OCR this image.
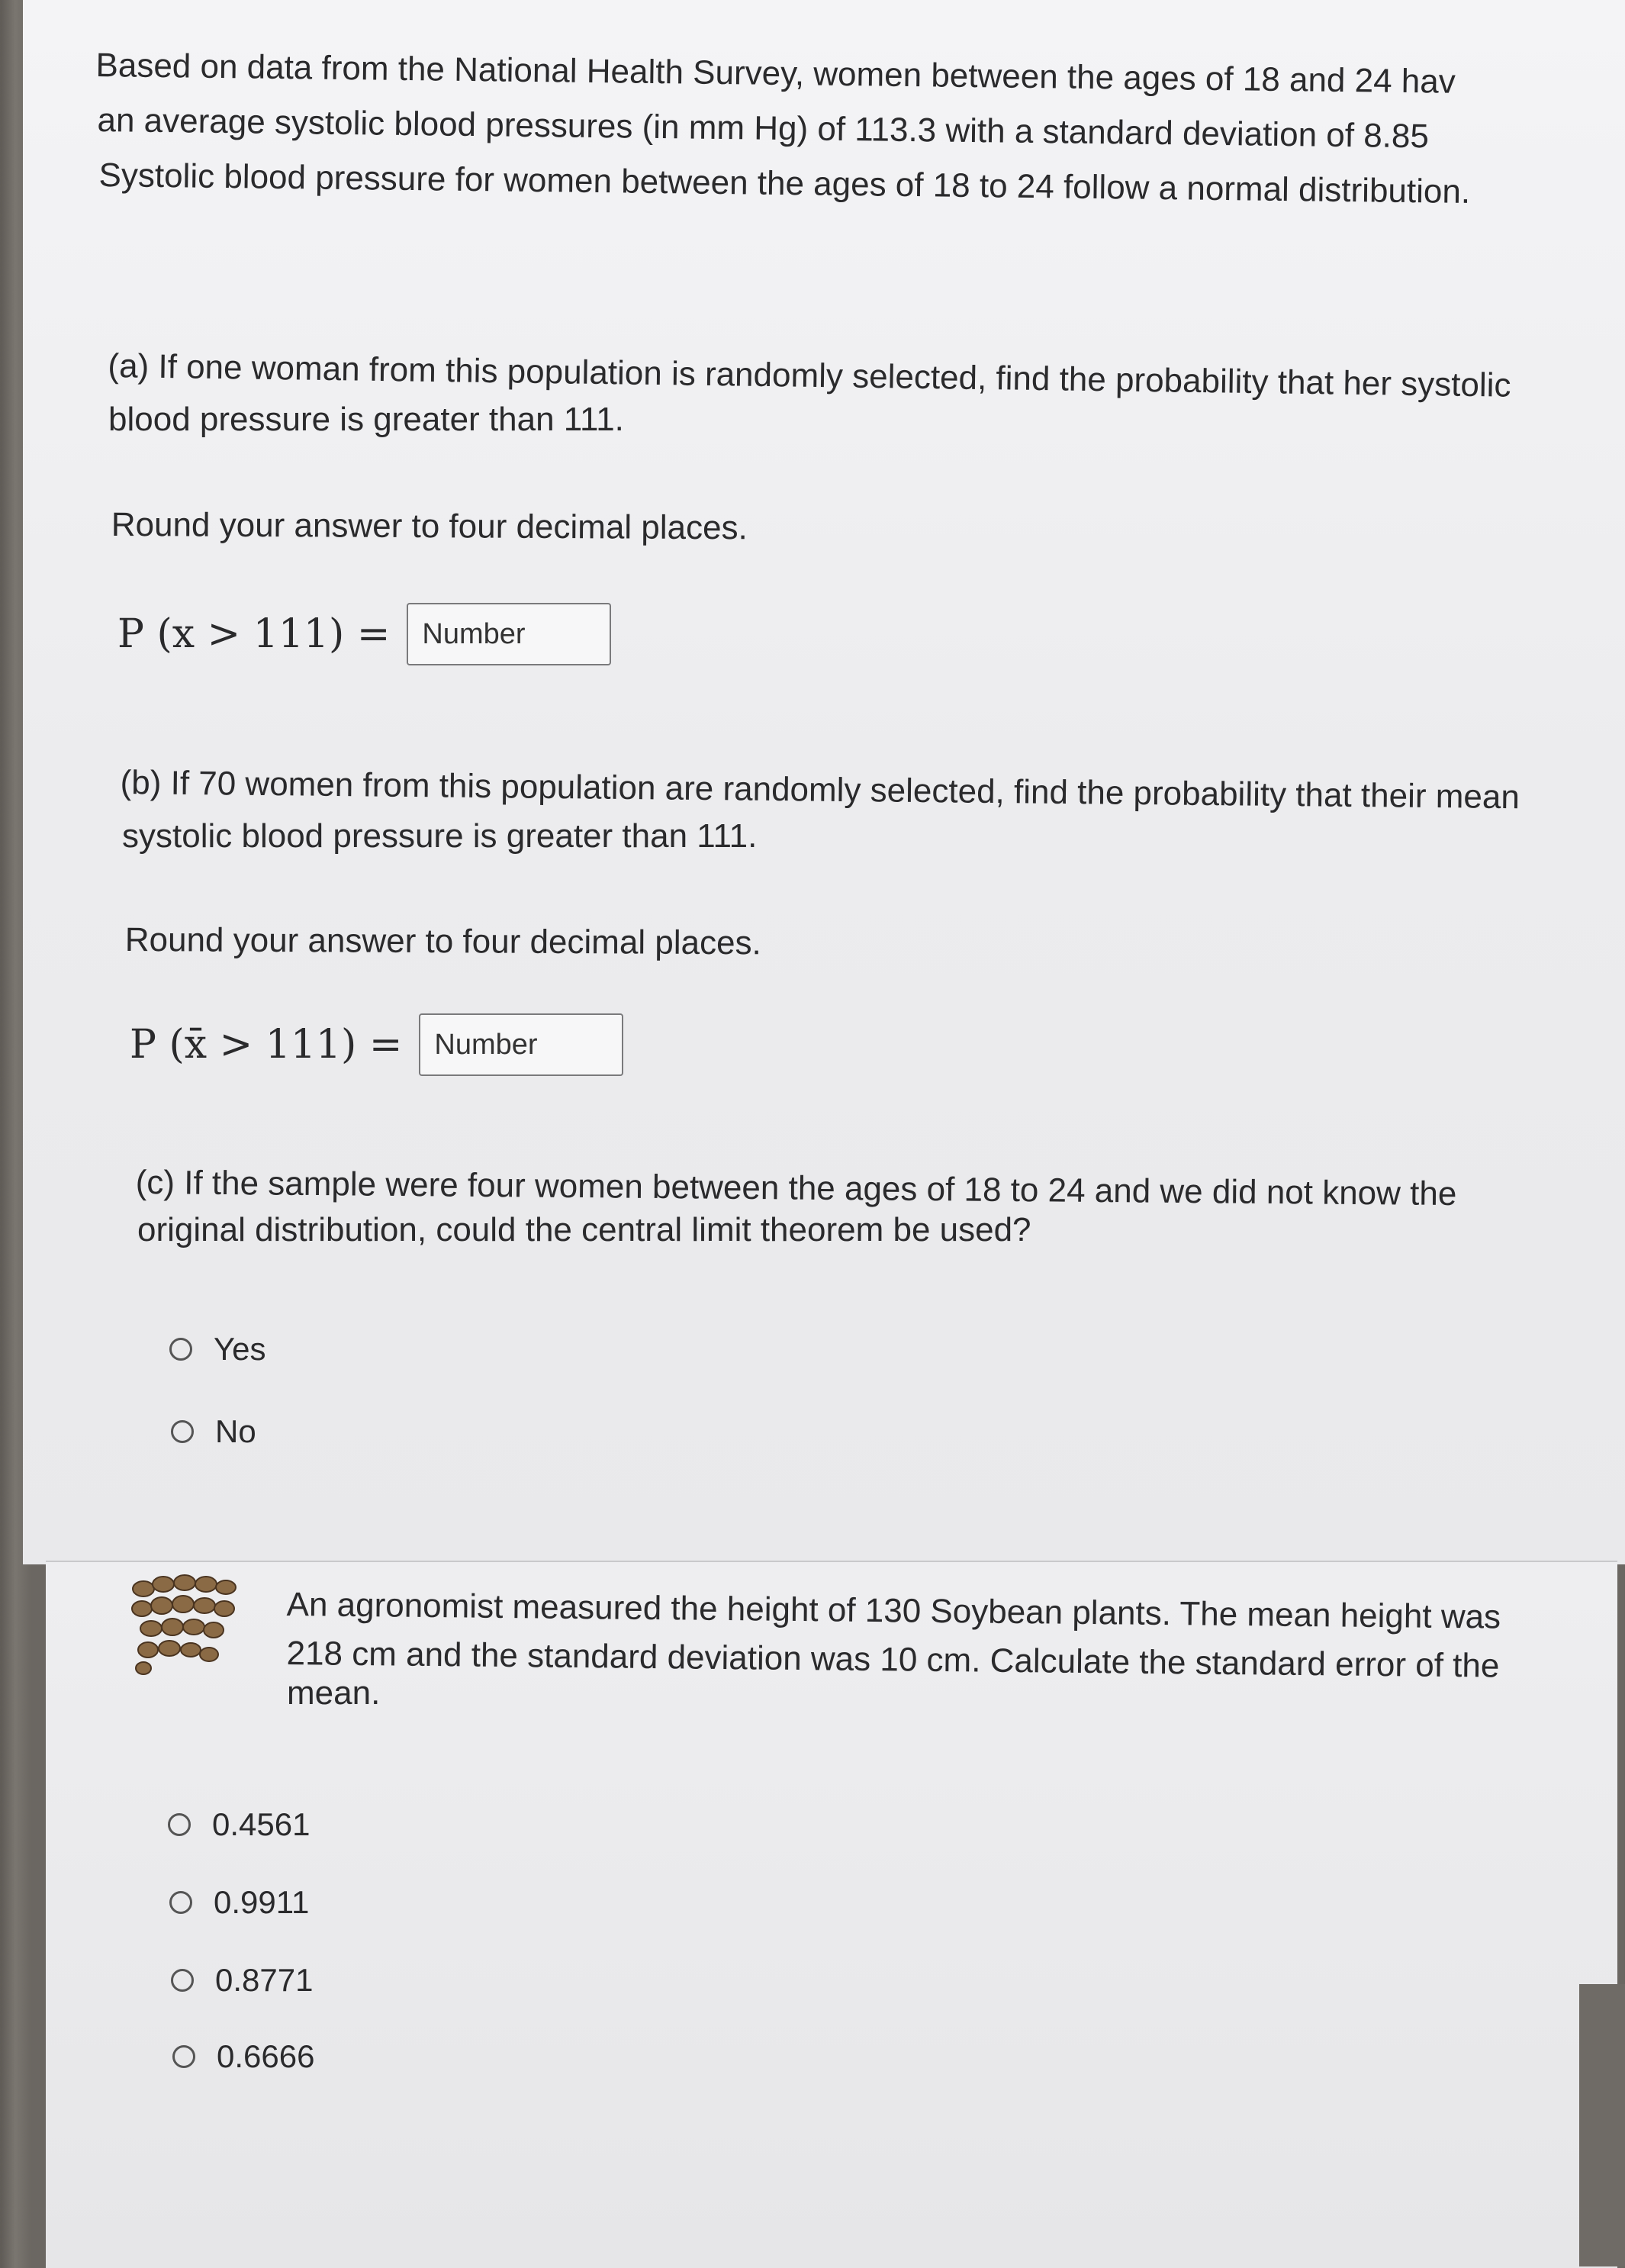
Based on data from the National Health Survey, women between the ages of 18 and 24 hav
an average systolic blood pressures (in mm Hg) of 113.3 with a standard deviation of 8.85
Systolic blood pressure for women between the ages of 18 to 24 follow a normal distribution.
(a) If one woman from this population is randomly selected, find the probability that her systolic
blood pressure is greater than 111.
Round your answer to four decimal places.
P (x > 111) =
Number
(b) If 70 women from this population are randomly selected, find the probability that their mean
systolic blood pressure is greater than 111.
Round your answer to four decimal places.
P (x̄ > 111) =
Number
(c) If the sample were four women between the ages of 18 to 24 and we did not know the
original distribution, could the central limit theorem be used?
Yes
No
An agronomist measured the height of 130 Soybean plants. The mean height was
218 cm and the standard deviation was 10 cm. Calculate the standard error of the
mean.
0.4561
0.9911
0.8771
0.6666
